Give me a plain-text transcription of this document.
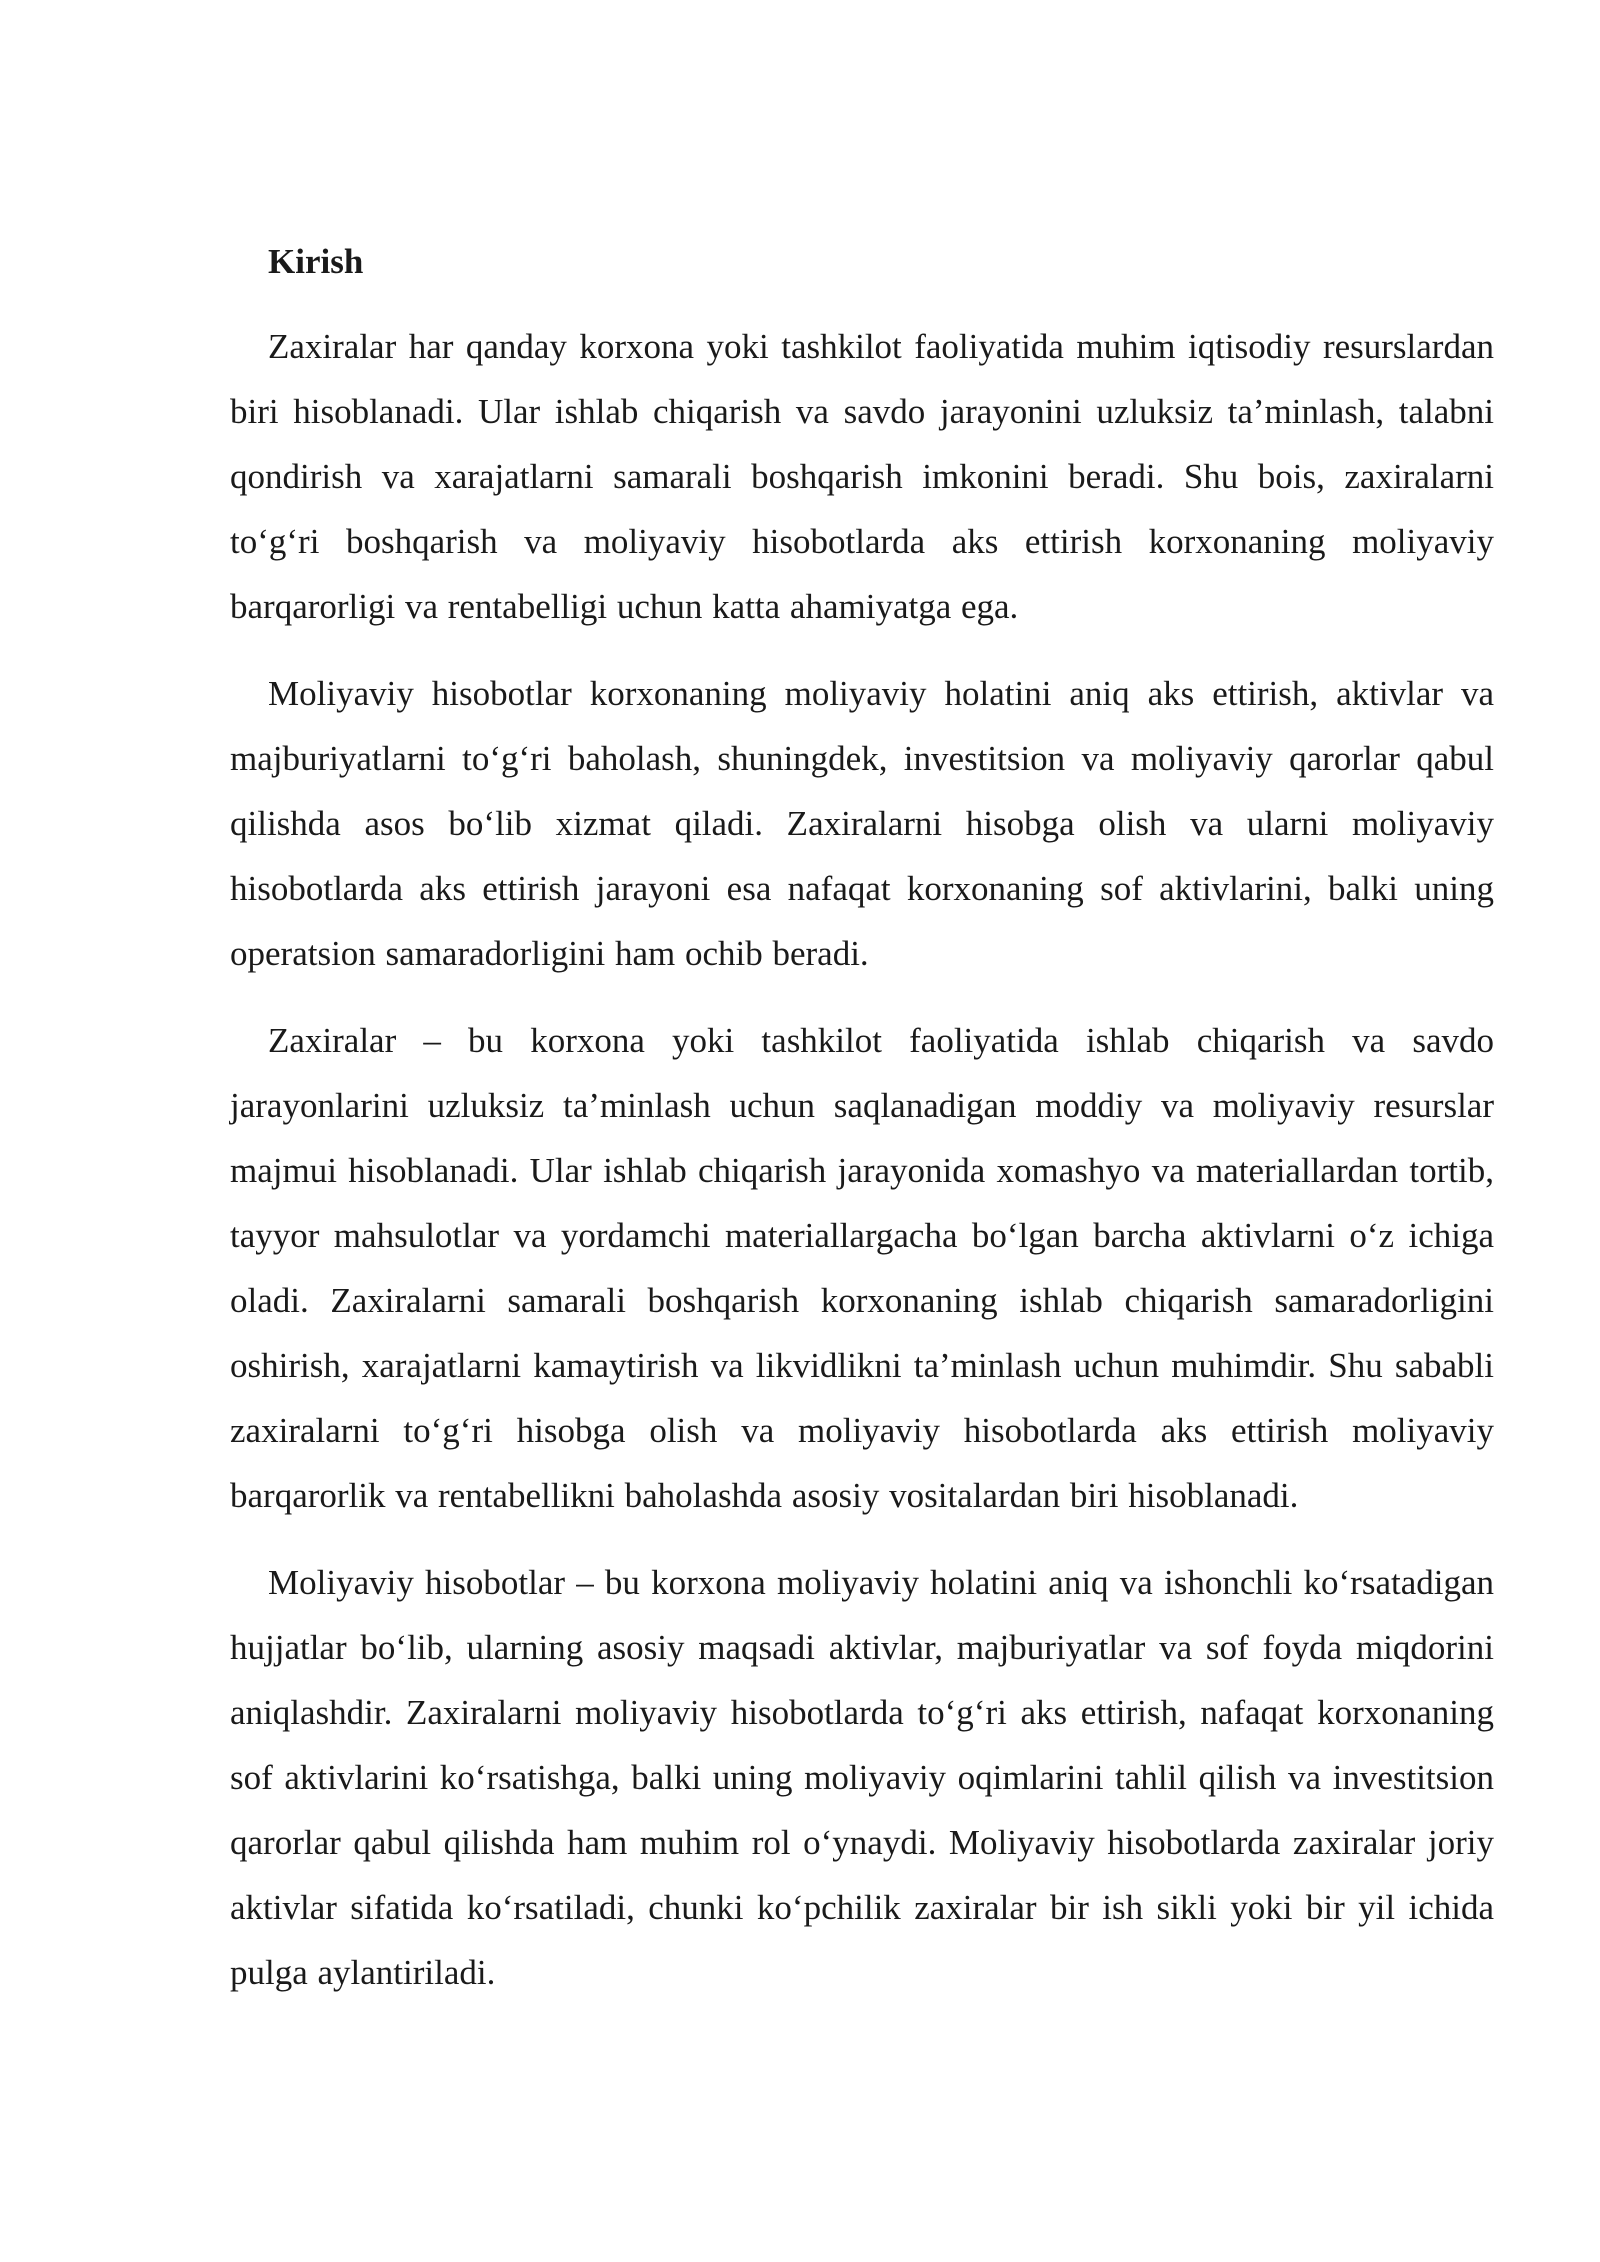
Kirish

Zaxiralar har qanday korxona yoki tashkilot faoliyatida muhim iqtisodiy resurslardan biri hisoblanadi. Ular ishlab chiqarish va savdo jarayonini uzluksiz ta’minlash, talabni qondirish va xarajatlarni samarali boshqarish imkonini beradi. Shu bois, zaxiralarni to‘g‘ri boshqarish va moliyaviy hisobotlarda aks ettirish korxonaning moliyaviy barqarorligi va rentabelligi uchun katta ahamiyatga ega.

Moliyaviy hisobotlar korxonaning moliyaviy holatini aniq aks ettirish, aktivlar va majburiyatlarni to‘g‘ri baholash, shuningdek, investitsion va moliyaviy qarorlar qabul qilishda asos bo‘lib xizmat qiladi. Zaxiralarni hisobga olish va ularni moliyaviy hisobotlarda aks ettirish jarayoni esa nafaqat korxonaning sof aktivlarini, balki uning operatsion samaradorligini ham ochib beradi.

Zaxiralar – bu korxona yoki tashkilot faoliyatida ishlab chiqarish va savdo jarayonlarini uzluksiz ta’minlash uchun saqlanadigan moddiy va moliyaviy resurslar majmui hisoblanadi. Ular ishlab chiqarish jarayonida xomashyo va materiallardan tortib, tayyor mahsulotlar va yordamchi materiallargacha bo‘lgan barcha aktivlarni o‘z ichiga oladi. Zaxiralarni samarali boshqarish korxonaning ishlab chiqarish samaradorligini oshirish, xarajatlarni kamaytirish va likvidlikni ta’minlash uchun muhimdir. Shu sababli zaxiralarni to‘g‘ri hisobga olish va moliyaviy hisobotlarda aks ettirish moliyaviy barqarorlik va rentabellikni baholashda asosiy vositalardan biri hisoblanadi.

Moliyaviy hisobotlar – bu korxona moliyaviy holatini aniq va ishonchli ko‘rsatadigan hujjatlar bo‘lib, ularning asosiy maqsadi aktivlar, majburiyatlar va sof foyda miqdorini aniqlashdir. Zaxiralarni moliyaviy hisobotlarda to‘g‘ri aks ettirish, nafaqat korxonaning sof aktivlarini ko‘rsatishga, balki uning moliyaviy oqimlarini tahlil qilish va investitsion qarorlar qabul qilishda ham muhim rol o‘ynaydi. Moliyaviy hisobotlarda zaxiralar joriy aktivlar sifatida ko‘rsatiladi, chunki ko‘pchilik zaxiralar bir ish sikli yoki bir yil ichida pulga aylantiriladi.
